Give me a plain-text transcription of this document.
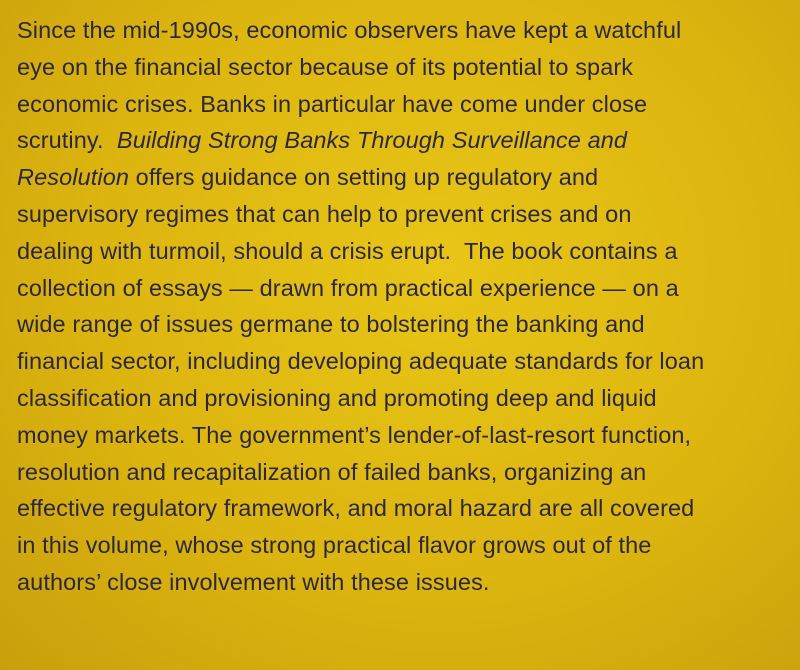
Since the mid-1990s, economic observers have kept a watchful
eye on the financial sector because of its potential to spark
economic crises. Banks in particular have come under close
scrutiny.  Building Strong Banks Through Surveillance and
Resolution offers guidance on setting up regulatory and
supervisory regimes that can help to prevent crises and on
dealing with turmoil, should a crisis erupt.  The book contains a
collection of essays — drawn from practical experience — on a
wide range of issues germane to bolstering the banking and
financial sector, including developing adequate standards for loan
classification and provisioning and promoting deep and liquid
money markets. The government’s lender-of-last-resort function,
resolution and recapitalization of failed banks, organizing an
effective regulatory framework, and moral hazard are all covered
in this volume, whose strong practical flavor grows out of the
authors’ close involvement with these issues.
